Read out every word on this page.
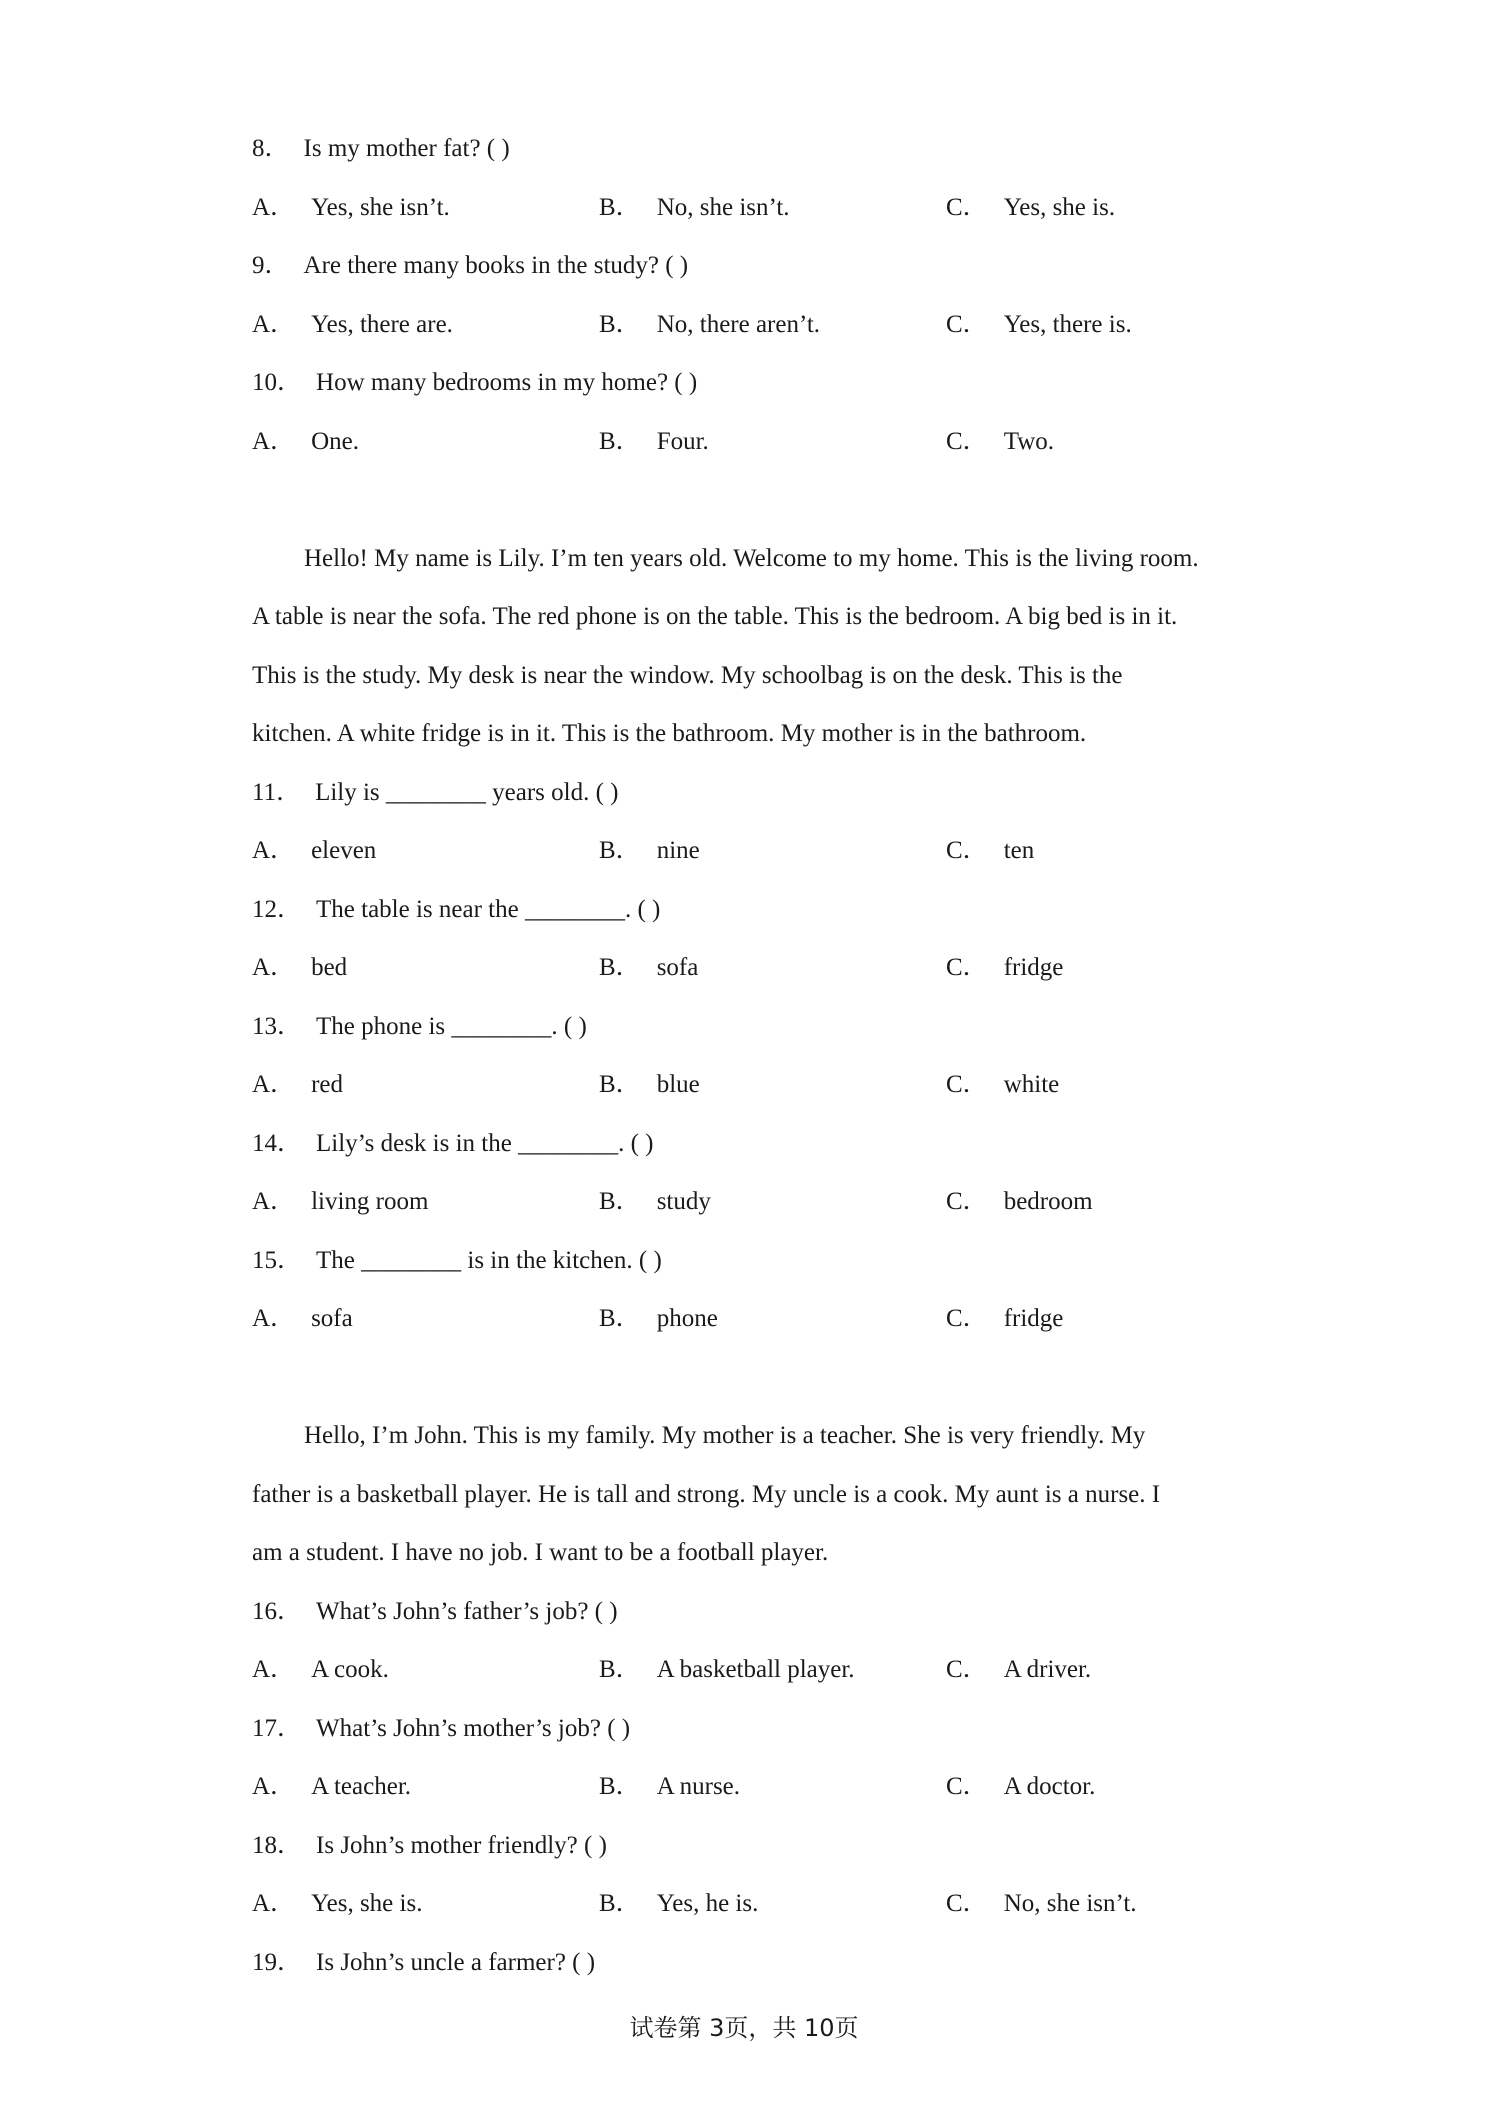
8． Is my mother fat? ( )
A． Yes, she isn’t.	B． No, she isn’t.	C． Yes, she is.
9． Are there many books in the study? ( )
A． Yes, there are.	B． No, there aren’t.	C． Yes, there is.
10． How many bedrooms in my home? ( )
A． One.	B． Four.	C． Two.

Hello! My name is Lily. I’m ten years old. Welcome to my home. This is the living room.

A table is near the sofa. The red phone is on the table. This is the bedroom. A big bed is in it.

This is the study. My desk is near the window. My schoolbag is on the desk. This is the

kitchen. A white fridge is in it. This is the bathroom. My mother is in the bathroom.

11． Lily is ________ years old. ( )
A． eleven	B． nine	C． ten
12． The table is near the ________. ( )
A． bed	B． sofa	C． fridge
13． The phone is ________. ( )
A． red	B． blue	C． white
14． Lily’s desk is in the ________. ( )
A． living room	B． study	C． bedroom
15． The ________ is in the kitchen. ( )
A． sofa	B． phone	C． fridge

Hello, I’m John. This is my family. My mother is a teacher. She is very friendly. My

father is a basketball player. He is tall and strong. My uncle is a cook. My aunt is a nurse. I

am a student. I have no job. I want to be a football player.

16． What’s John’s father’s job? ( )
A． A cook.	B． A basketball player.	C． A driver.
17． What’s John’s mother’s job? ( )
A． A teacher.	B． A nurse.	C． A doctor.
18． Is John’s mother friendly? ( )
A． Yes, she is.	B． Yes, he is.	C． No, she isn’t.
19． Is John’s uncle a farmer? ( )
试卷第 3页，共 10页
